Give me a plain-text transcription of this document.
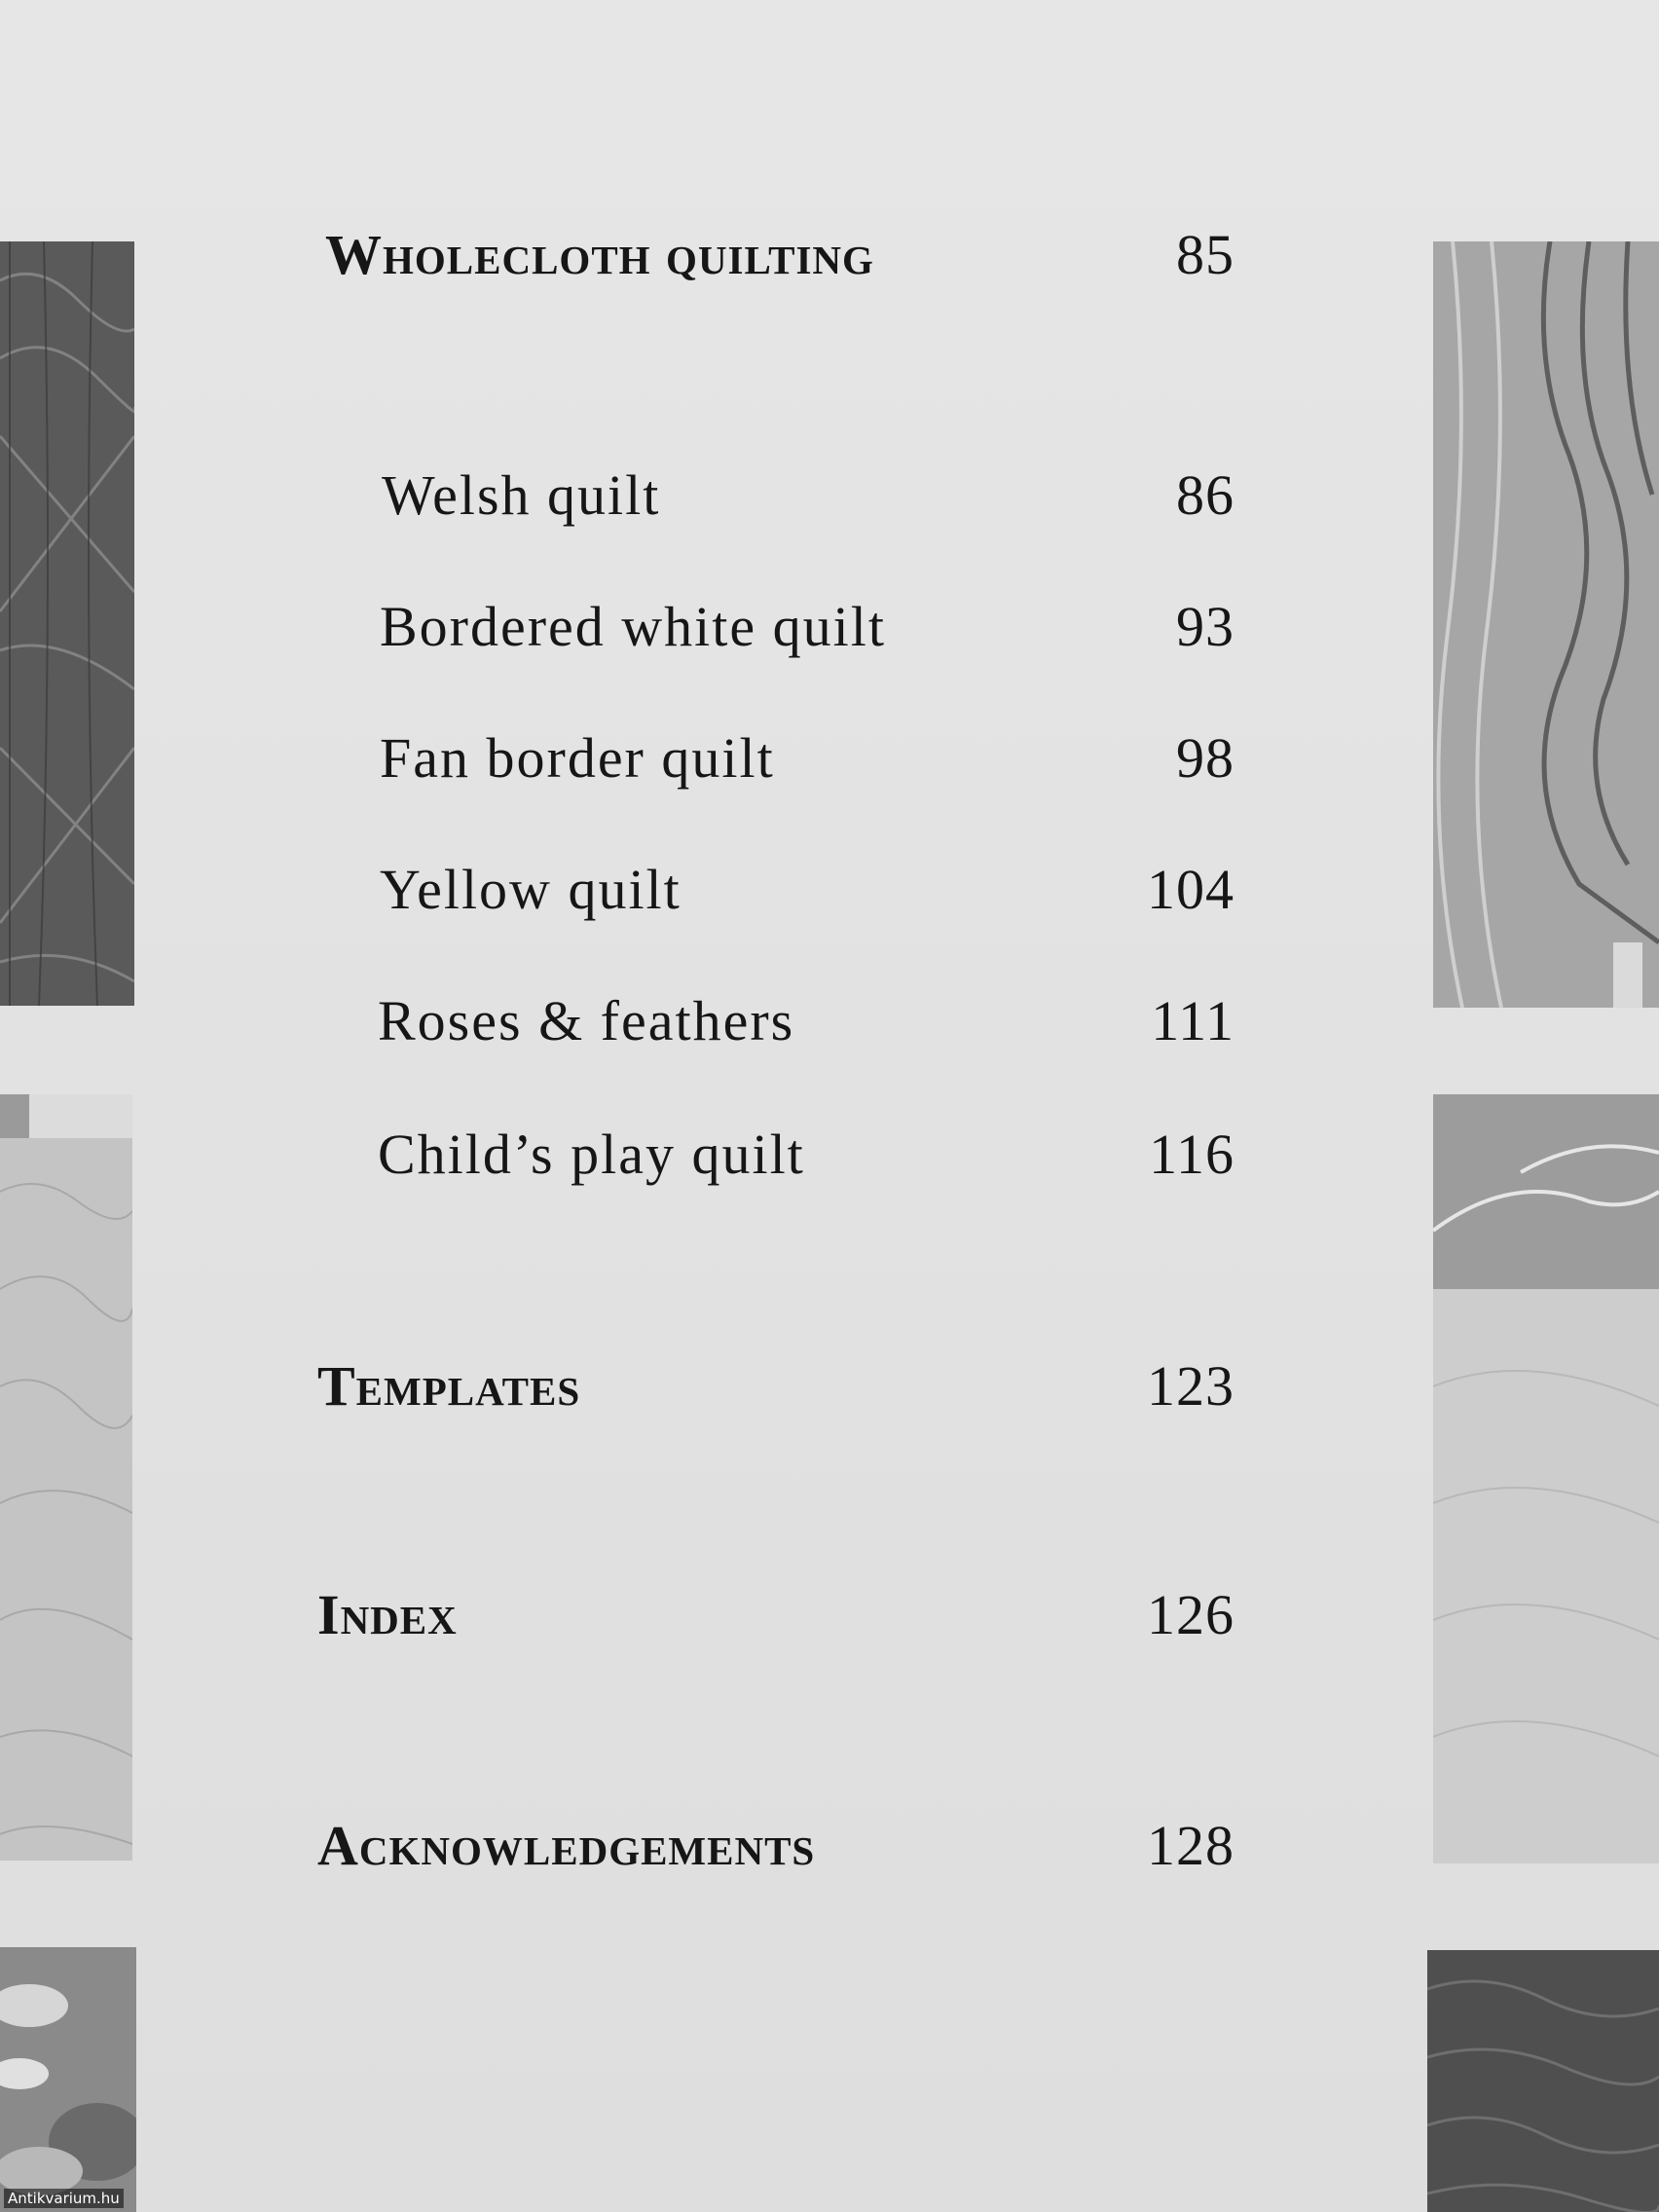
Wholecloth quilting	85
Welsh quilt	86
Bordered white quilt	93
Fan border quilt	98
Yellow quilt	104
Roses & feathers	111
Child’s play quilt	116
Templates	123
Index	126
Acknowledgements	128
Antikvarium.hu
